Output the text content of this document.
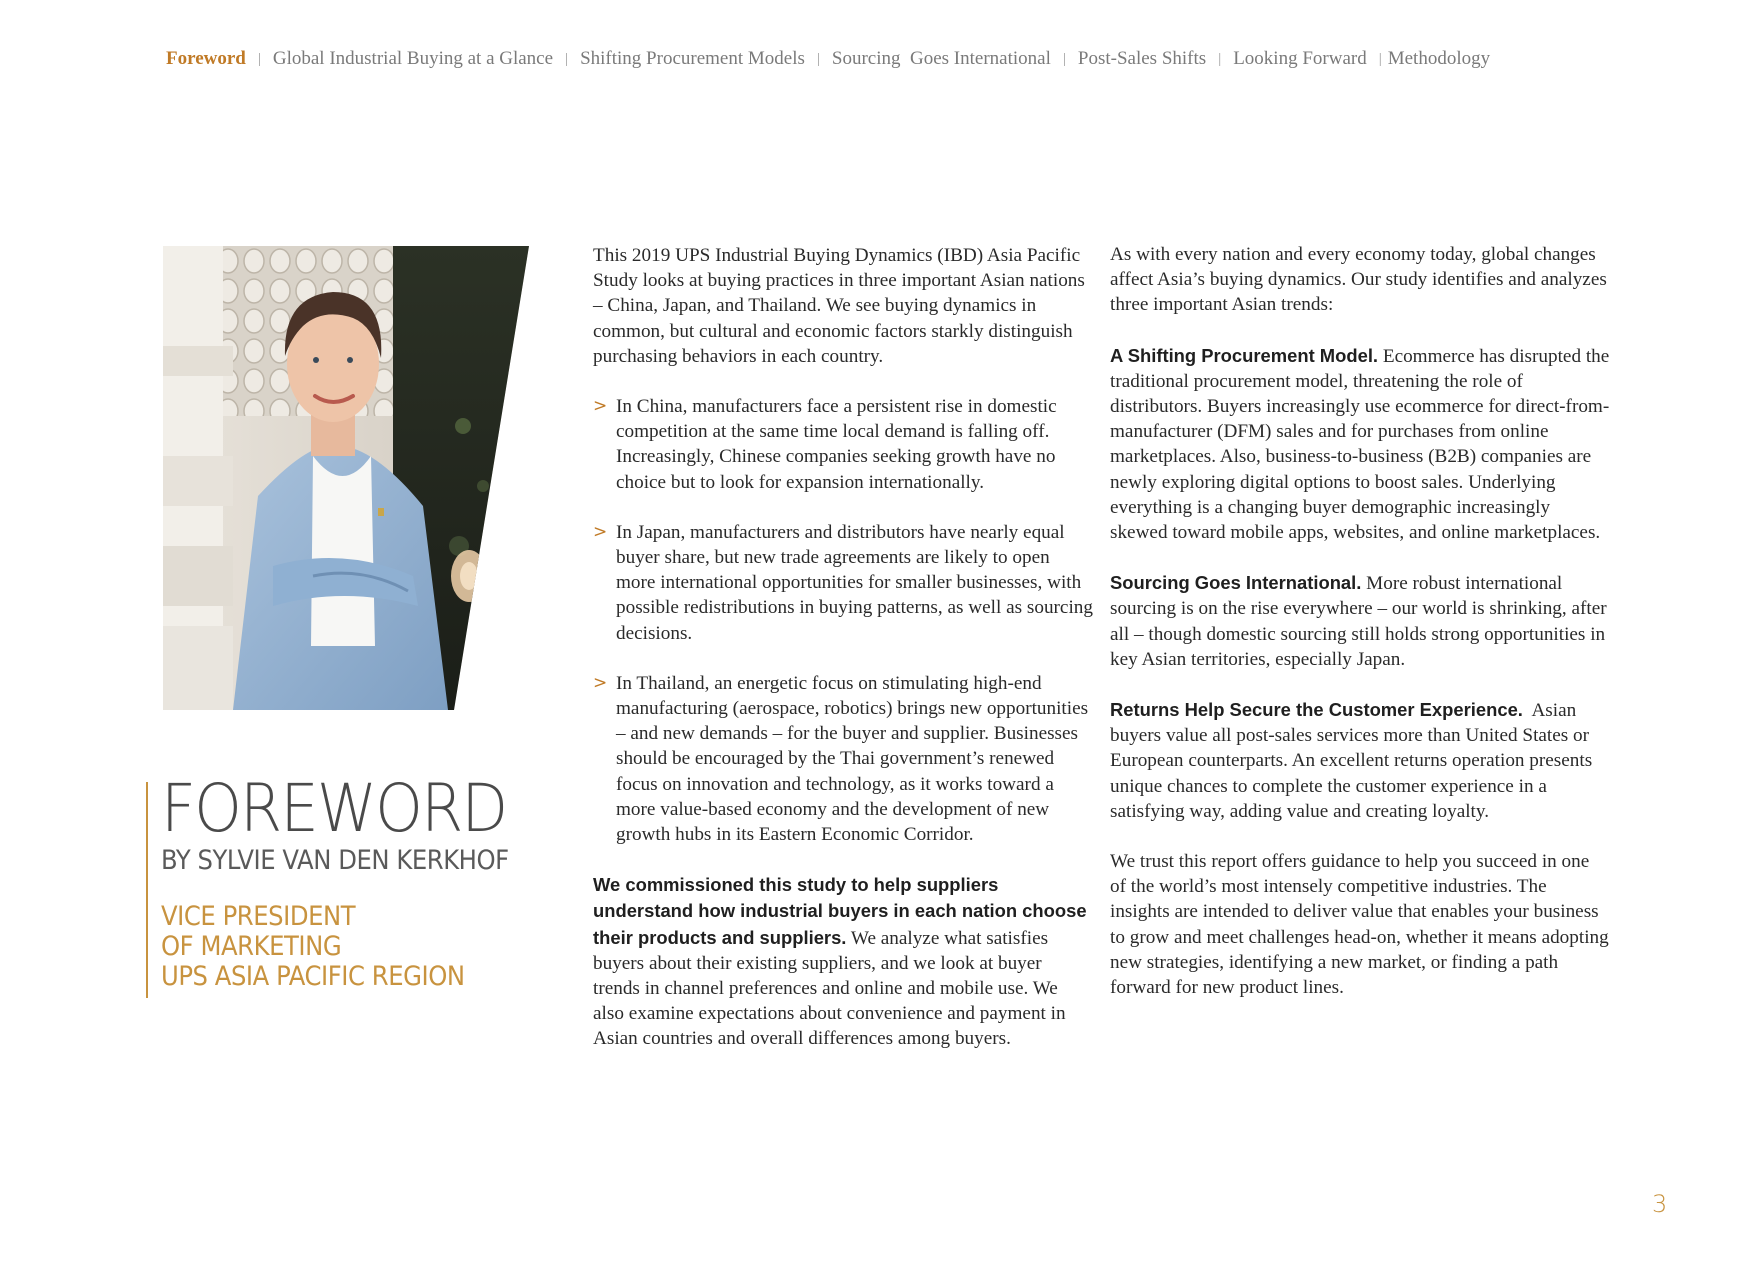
Foreword | Global Industrial Buying at a Glance | Shifting Procurement Models | Sourcing  Goes International | Post-Sales Shifts | Looking Forward | Methodology
FOREWORD
BY SYLVIE VAN DEN KERKHOF
VICE PRESIDENT
OF MARKETING
UPS ASIA PACIFIC REGION

This 2019 UPS Industrial Buying Dynamics (IBD) Asia Pacific Study looks at buying practices in three important Asian nations – China, Japan, and Thailand. We see buying dynamics in common, but cultural and economic factors starkly distinguish purchasing behaviors in each country.

> In China, manufacturers face a persistent rise in domestic competition at the same time local demand is falling off. Increasingly, Chinese companies seeking growth have no choice but to look for expansion internationally.
> In Japan, manufacturers and distributors have nearly equal buyer share, but new trade agreements are likely to open more international opportunities for smaller businesses, with possible redistributions in buying patterns, as well as sourcing decisions.
> In Thailand, an energetic focus on stimulating high-end manufacturing (aerospace, robotics) brings new opportunities – and new demands – for the buyer and supplier. Businesses should be encouraged by the Thai government’s renewed focus on innovation and technology, as it works toward a more value-based economy and the development of new growth hubs in its Eastern Economic Corridor.

We commissioned this study to help suppliers understand how industrial buyers in each nation choose their products and suppliers. We analyze what satisfies buyers about their existing suppliers, and we look at buyer trends in channel preferences and online and mobile use. We also examine expectations about convenience and payment in Asian countries and overall differences among buyers.

As with every nation and every economy today, global changes affect Asia’s buying dynamics. Our study identifies and analyzes three important Asian trends:

A Shifting Procurement Model. Ecommerce has disrupted the traditional procurement model, threatening the role of distributors. Buyers increasingly use ecommerce for direct-from-manufacturer (DFM) sales and for purchases from online marketplaces. Also, business-to-business (B2B) companies are newly exploring digital options to boost sales. Underlying everything is a changing buyer demographic increasingly skewed toward mobile apps, websites, and online marketplaces.

Sourcing Goes International. More robust international sourcing is on the rise everywhere – our world is shrinking, after all – though domestic sourcing still holds strong opportunities in key Asian territories, especially Japan.

Returns Help Secure the Customer Experience.  Asian buyers value all post-sales services more than United States or European counterparts. An excellent returns operation presents unique chances to complete the customer experience in a satisfying way, adding value and creating loyalty.

We trust this report offers guidance to help you succeed in one of the world’s most intensely competitive industries. The insights are intended to deliver value that enables your business to grow and meet challenges head-on, whether it means adopting new strategies, identifying a new market, or finding a path forward for new product lines.

3
